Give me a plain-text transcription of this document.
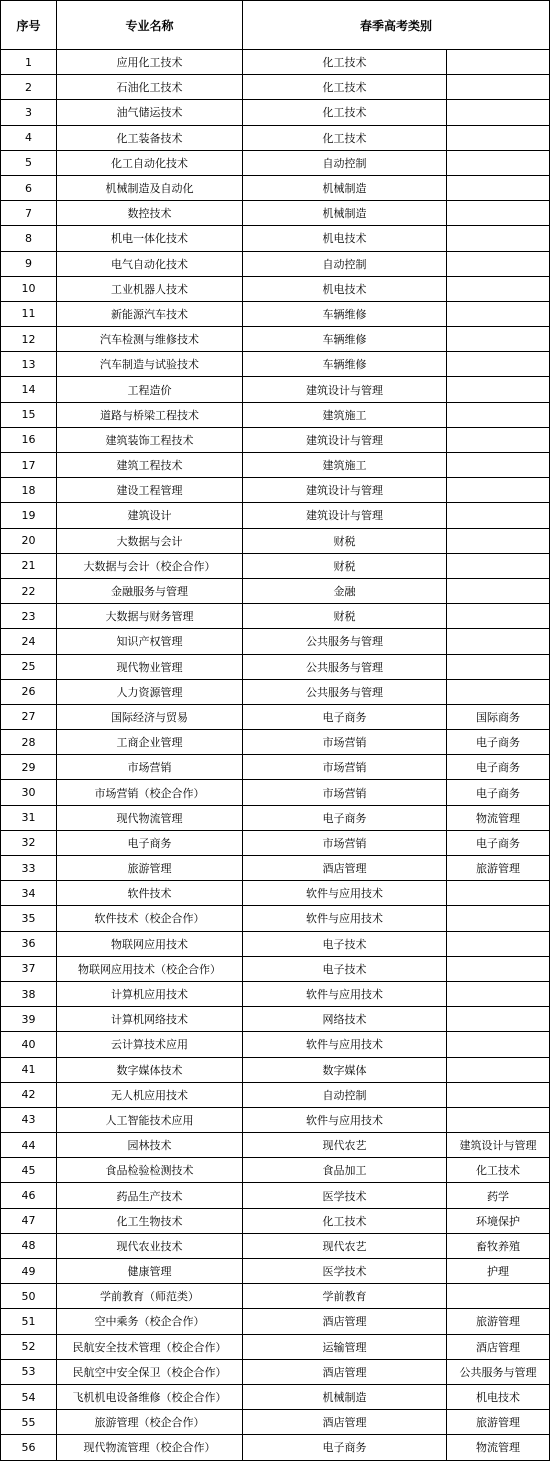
序号	专业名称	春季高考类别	
1	应用化工技术	化工技术	
2	石油化工技术	化工技术	
3	油气储运技术	化工技术	
4	化工装备技术	化工技术	
5	化工自动化技术	自动控制	
6	机械制造及自动化	机械制造	
7	数控技术	机械制造	
8	机电一体化技术	机电技术	
9	电气自动化技术	自动控制	
10	工业机器人技术	机电技术	
11	新能源汽车技术	车辆维修	
12	汽车检测与维修技术	车辆维修	
13	汽车制造与试验技术	车辆维修	
14	工程造价	建筑设计与管理	
15	道路与桥梁工程技术	建筑施工	
16	建筑装饰工程技术	建筑设计与管理	
17	建筑工程技术	建筑施工	
18	建设工程管理	建筑设计与管理	
19	建筑设计	建筑设计与管理	
20	大数据与会计	财税	
21	大数据与会计（校企合作）	财税	
22	金融服务与管理	金融	
23	大数据与财务管理	财税	
24	知识产权管理	公共服务与管理	
25	现代物业管理	公共服务与管理	
26	人力资源管理	公共服务与管理	
27	国际经济与贸易	电子商务	国际商务
28	工商企业管理	市场营销	电子商务
29	市场营销	市场营销	电子商务
30	市场营销（校企合作）	市场营销	电子商务
31	现代物流管理	电子商务	物流管理
32	电子商务	市场营销	电子商务
33	旅游管理	酒店管理	旅游管理
34	软件技术	软件与应用技术	
35	软件技术（校企合作）	软件与应用技术	
36	物联网应用技术	电子技术	
37	物联网应用技术（校企合作）	电子技术	
38	计算机应用技术	软件与应用技术	
39	计算机网络技术	网络技术	
40	云计算技术应用	软件与应用技术	
41	数字媒体技术	数字媒体	
42	无人机应用技术	自动控制	
43	人工智能技术应用	软件与应用技术	
44	园林技术	现代农艺	建筑设计与管理
45	食品检验检测技术	食品加工	化工技术
46	药品生产技术	医学技术	药学
47	化工生物技术	化工技术	环境保护
48	现代农业技术	现代农艺	畜牧养殖
49	健康管理	医学技术	护理
50	学前教育（师范类）	学前教育	
51	空中乘务（校企合作）	酒店管理	旅游管理
52	民航安全技术管理（校企合作）	运输管理	酒店管理
53	民航空中安全保卫（校企合作）	酒店管理	公共服务与管理
54	飞机机电设备维修（校企合作）	机械制造	机电技术
55	旅游管理（校企合作）	酒店管理	旅游管理
56	现代物流管理（校企合作）	电子商务	物流管理
